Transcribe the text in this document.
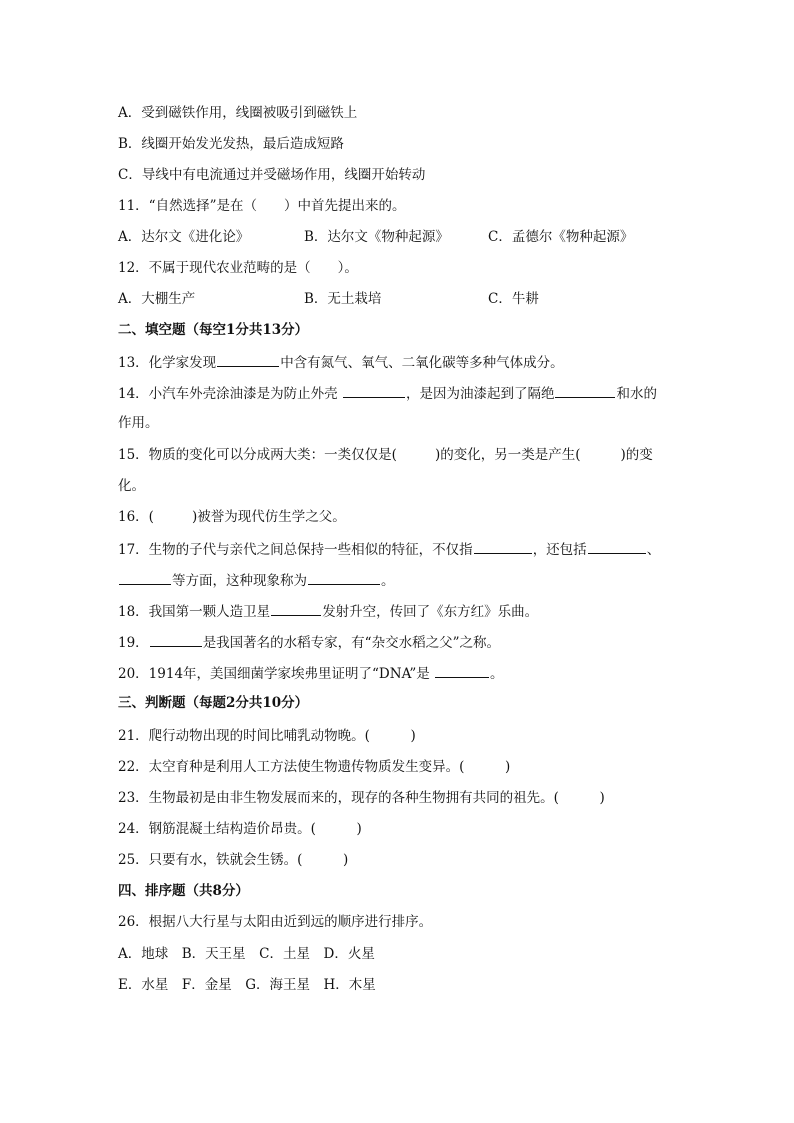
A．受到磁铁作用，线圈被吸引到磁铁上
B．线圈开始发光发热，最后造成短路
C．导线中有电流通过并受磁场作用，线圈开始转动
11．“自然选择”是在（　　）中首先提出来的。
A．达尔文《进化论》	B．达尔文《物种起源》	C．孟德尔《物种起源》
12．不属于现代农业范畴的是（　　）。
A．大棚生产	B．无土栽培	C．牛耕
二、填空题（每空1分共13分）
13．化学家发现	中含有氮气、氧气、二氧化碳等多种气体成分。
14．小汽车外壳涂油漆是为防止外壳	，是因为油漆起到了隔绝	和水的
作用。
15．物质的变化可以分成两大类：一类仅仅是(	)的变化，另一类是产生(	)的变
化。
16．(	)被誉为现代仿生学之父。
17．生物的子代与亲代之间总保持一些相似的特征，不仅指	，还包括	、
等方面，这种现象称为	。
18．我国第一颗人造卫星	发射升空，传回了《东方红》乐曲。
19．	是我国著名的水稻专家，有“杂交水稻之父”之称。
20．1914年，美国细菌学家埃弗里证明了“DNA”是	。
三、判断题（每题2分共10分）
21．爬行动物出现的时间比哺乳动物晚。(　　　)
22．太空育种是利用人工方法使生物遗传物质发生变异。(　　　)
23．生物最初是由非生物发展而来的，现存的各种生物拥有共同的祖先。(　　　)
24．钢筋混凝土结构造价昂贵。(　　　)
25．只要有水，铁就会生锈。(　　　)
四、排序题（共8分）
26．根据八大行星与太阳由近到远的顺序进行排序。
A．地球　B．天王星　C．土星　D．火星
E．水星　F．金星　G．海王星　H．木星
